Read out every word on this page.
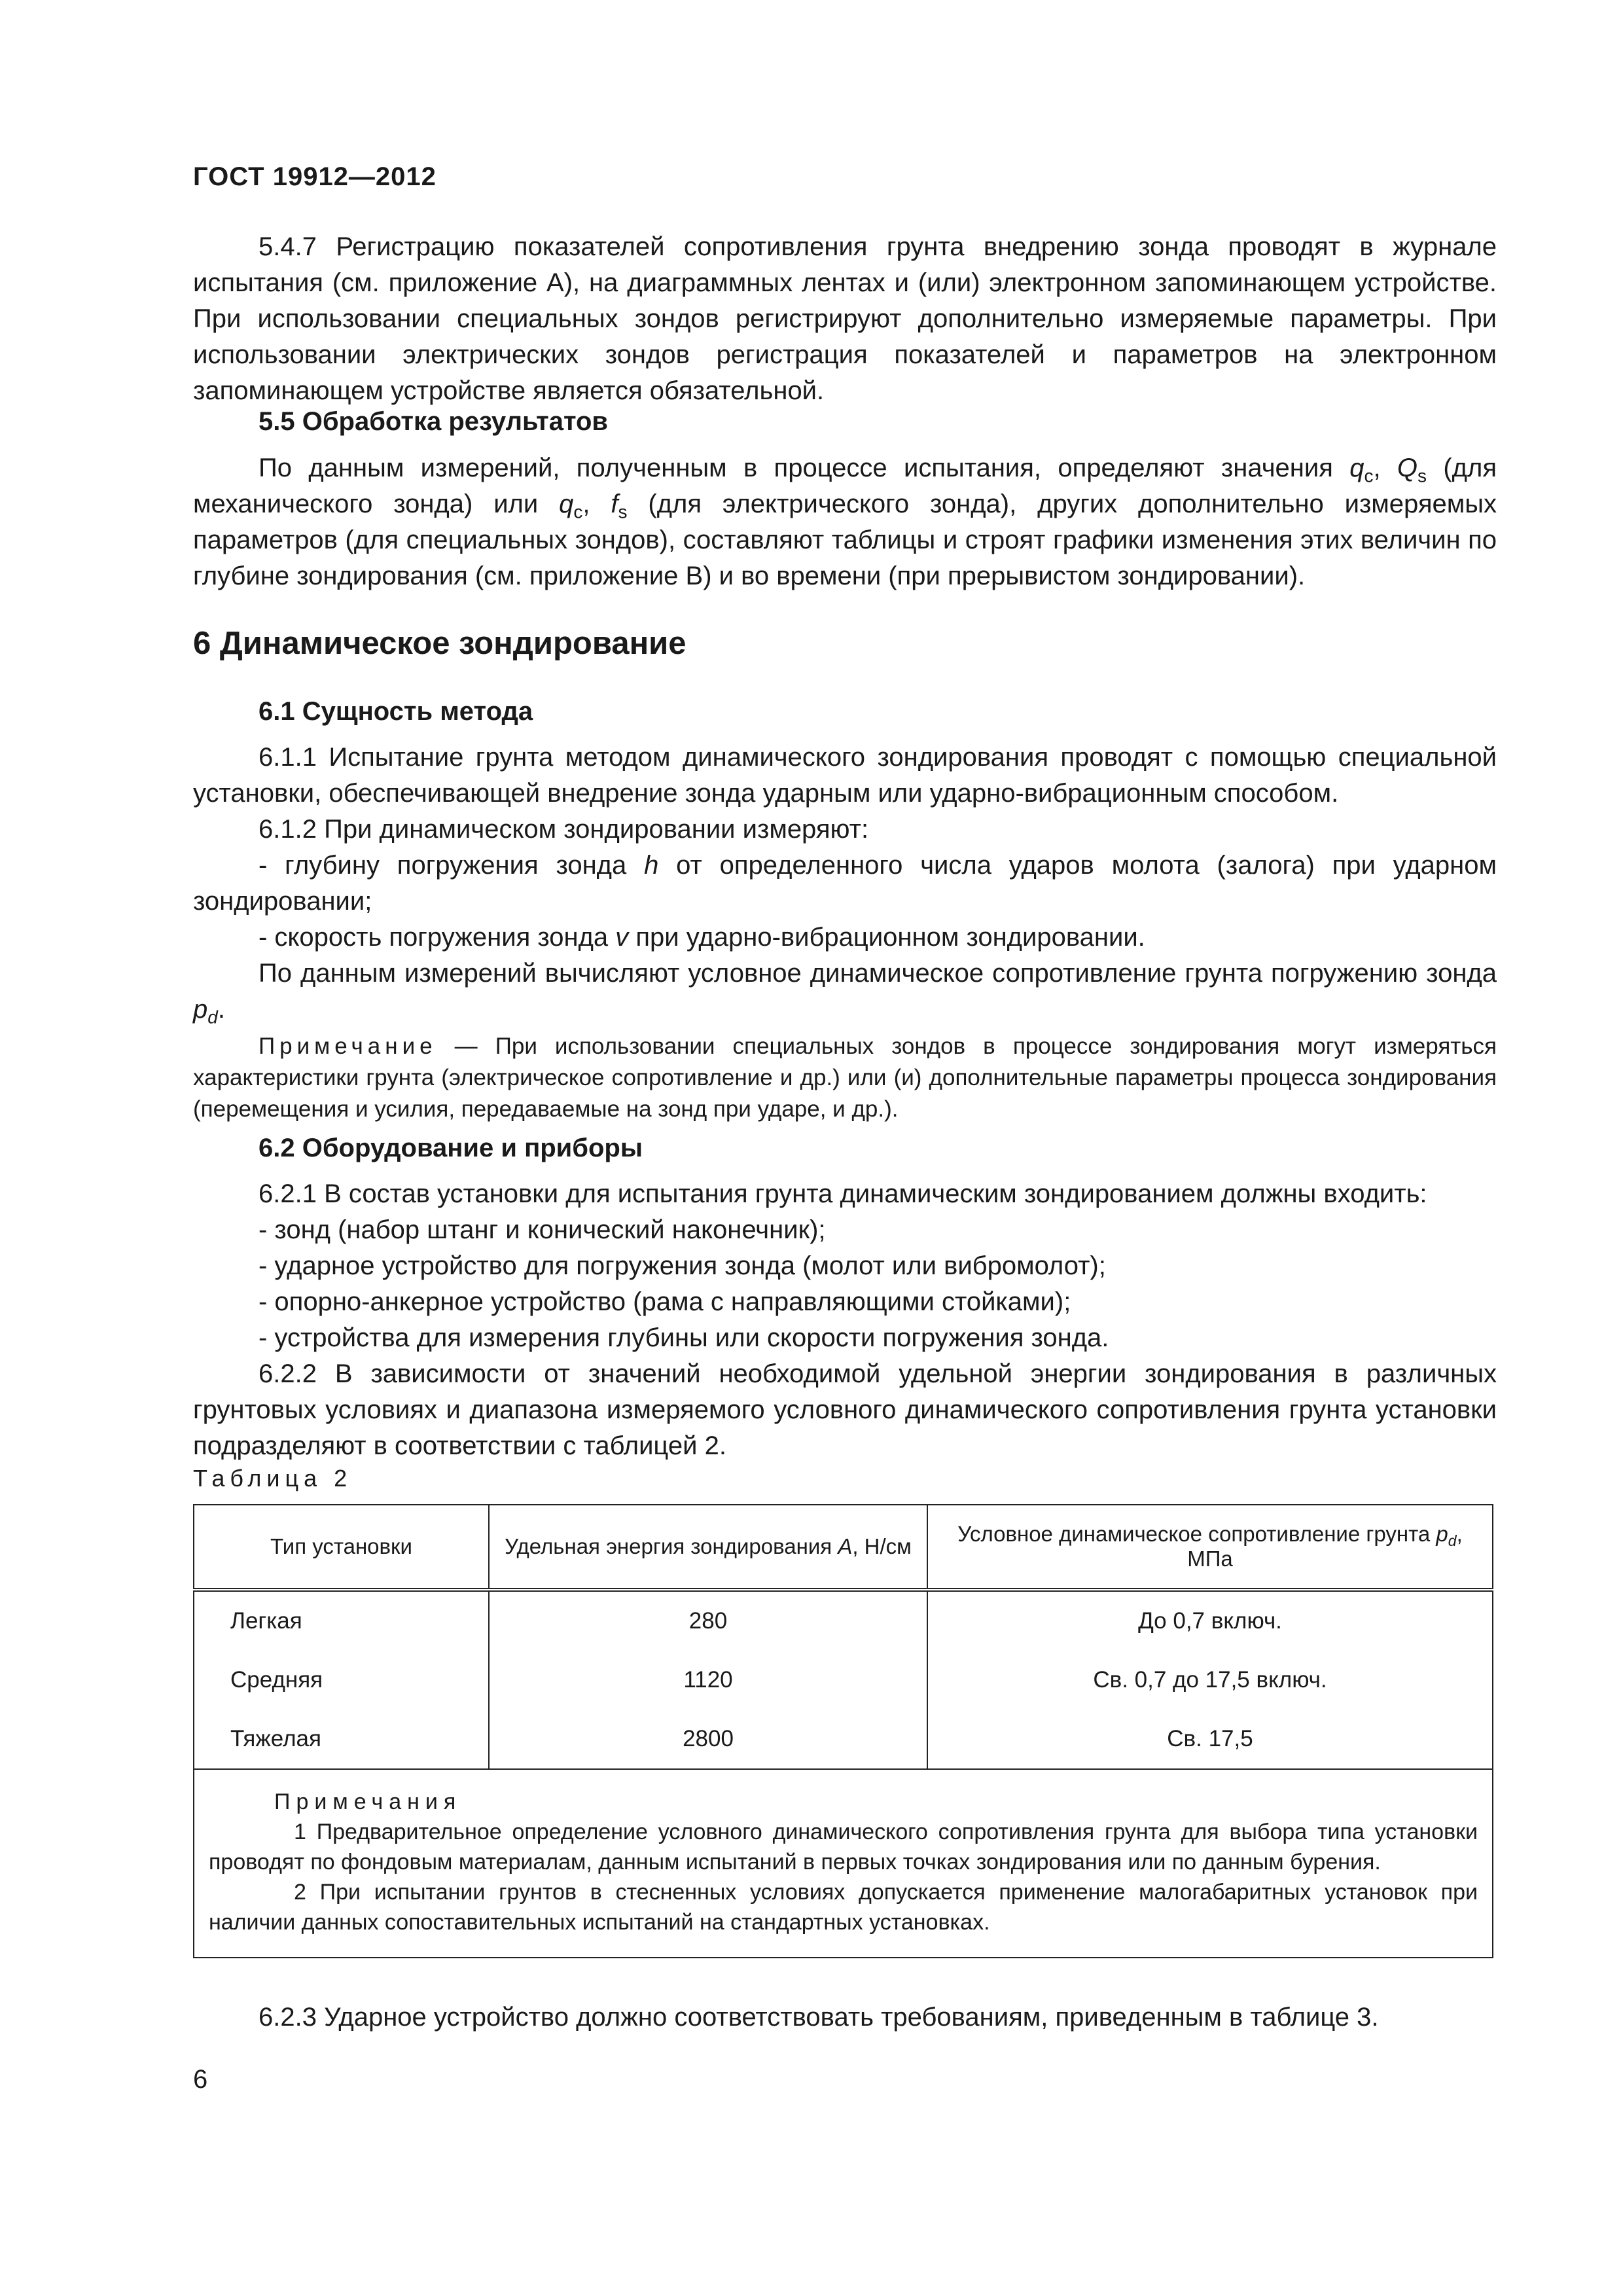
ГОСТ 19912—2012
5.4.7 Регистрацию показателей сопротивления грунта внедрению зонда проводят в журнале испытания (см. приложение А), на диаграммных лентах и (или) электронном запоминающем устройстве. При использовании специальных зондов регистрируют дополнительно измеряемые параметры. При использовании электрических зондов регистрация показателей и параметров на электронном запоминающем устройстве является обязательной.
5.5 Обработка результатов
По данным измерений, полученным в процессе испытания, определяют значения $q_c$, $Q_s$ (для механического зонда) или $q_c$, $f_s$ (для электрического зонда), других дополнительно измеряемых параметров (для специальных зондов), составляют таблицы и строят графики изменения этих величин по глубине зондирования (см. приложение В) и во времени (при прерывистом зондировании).
6 Динамическое зондирование
6.1 Сущность метода
6.1.1 Испытание грунта методом динамического зондирования проводят с помощью специальной установки, обеспечивающей внедрение зонда ударным или ударно-вибрационным способом.
6.1.2 При динамическом зондировании измеряют:
- глубину погружения зонда h от определенного числа ударов молота (залога) при ударном зондировании;
- скорость погружения зонда v при ударно-вибрационном зондировании.
По данным измерений вычисляют условное динамическое сопротивление грунта погружению зонда $p_d$.
Примечание — При использовании специальных зондов в процессе зондирования могут измеряться характеристики грунта (электрическое сопротивление и др.) или (и) дополнительные параметры процесса зондирования (перемещения и усилия, передаваемые на зонд при ударе, и др.).
6.2 Оборудование и приборы
6.2.1 В состав установки для испытания грунта динамическим зондированием должны входить:
- зонд (набор штанг и конический наконечник);
- ударное устройство для погружения зонда (молот или вибромолот);
- опорно-анкерное устройство (рама с направляющими стойками);
- устройства для измерения глубины или скорости погружения зонда.
6.2.2 В зависимости от значений необходимой удельной энергии зондирования в различных грунтовых условиях и диапазона измеряемого условного динамического сопротивления грунта установки подразделяют в соответствии с таблицей 2.
Таблица 2
Тип установки	Удельная энергия зондирования A, Н/см	Условное динамическое сопротивление грунта $p_d$, МПа
Легкая	280	До 0,7 включ.
Средняя	1120	Св. 0,7 до 17,5 включ.
Тяжелая	2800	Св. 17,5

Примечания
1 Предварительное определение условного динамического сопротивления грунта для выбора типа установки проводят по фондовым материалам, данным испытаний в первых точках зондирования или по данным бурения.
2 При испытании грунтов в стесненных условиях допускается применение малогабаритных установок при наличии данных сопоставительных испытаний на стандартных установках.		
6.2.3 Ударное устройство должно соответствовать требованиям, приведенным в таблице 3.
6
